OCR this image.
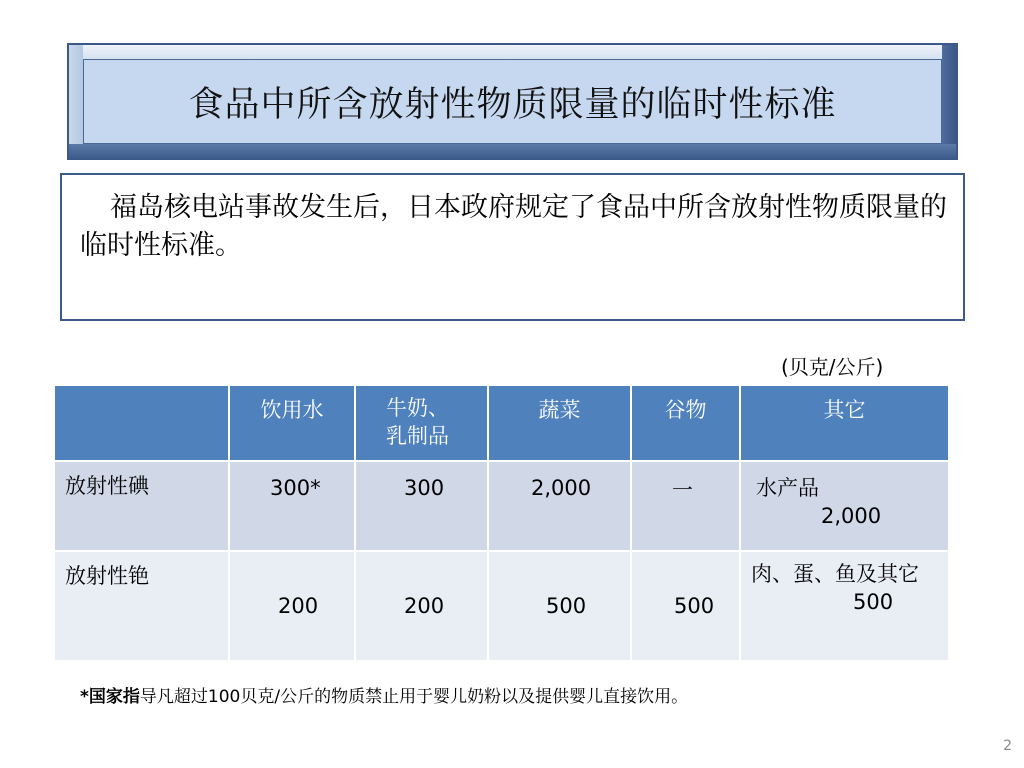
食品中所含放射性物质限量的临时性标准

福岛核电站事故发生后，日本政府规定了食品中所含放射性物质限量的临时性标准。

(贝克/公斤)

	饮用水	牛奶、
乳制品	蔬菜	谷物	其它

放射性碘	300*	300	2,000	一	水产品
2,000

放射性铯	200	200	500	500	肉、蛋、鱼及其它
500
*国家指导凡超过100贝克/公斤的物质禁止用于婴儿奶粉以及提供婴儿直接饮用。
2
